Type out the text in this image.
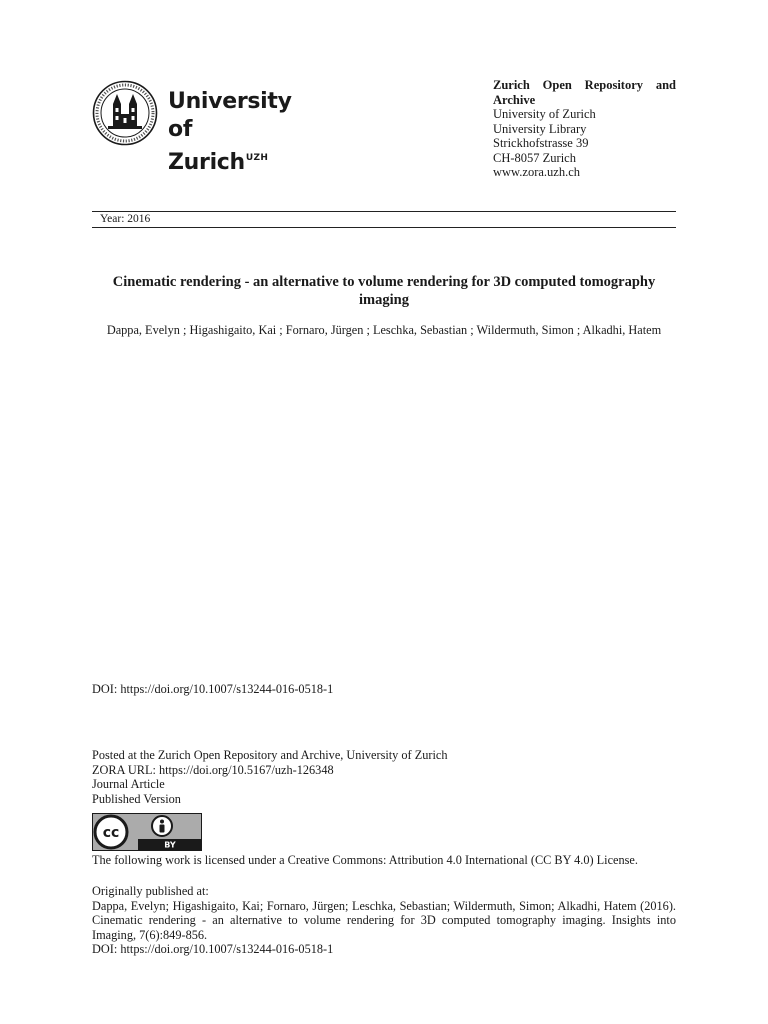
University of
Zurich$^{UZH}$
Zurich Open Repository and Archive
University of Zurich
University Library
Strickhofstrasse 39
CH-8057 Zurich
www.zora.uzh.ch
Year: 2016
Cinematic rendering - an alternative to volume rendering for 3D computed tomography imaging
Dappa, Evelyn ; Higashigaito, Kai ; Fornaro, Jürgen ; Leschka, Sebastian ; Wildermuth, Simon ; Alkadhi, Hatem
DOI: https://doi.org/10.1007/s13244-016-0518-1
Posted at the Zurich Open Repository and Archive, University of Zurich
ZORA URL: https://doi.org/10.5167/uzh-126348
Journal Article
Published Version
cc
BY
The following work is licensed under a Creative Commons: Attribution 4.0 International (CC BY 4.0) License.
Originally published at:
Dappa, Evelyn; Higashigaito, Kai; Fornaro, Jürgen; Leschka, Sebastian; Wildermuth, Simon; Alkadhi, Hatem (2016). Cinematic rendering - an alternative to volume rendering for 3D computed tomography imaging. Insights into Imaging, 7(6):849-856.
DOI: https://doi.org/10.1007/s13244-016-0518-1
